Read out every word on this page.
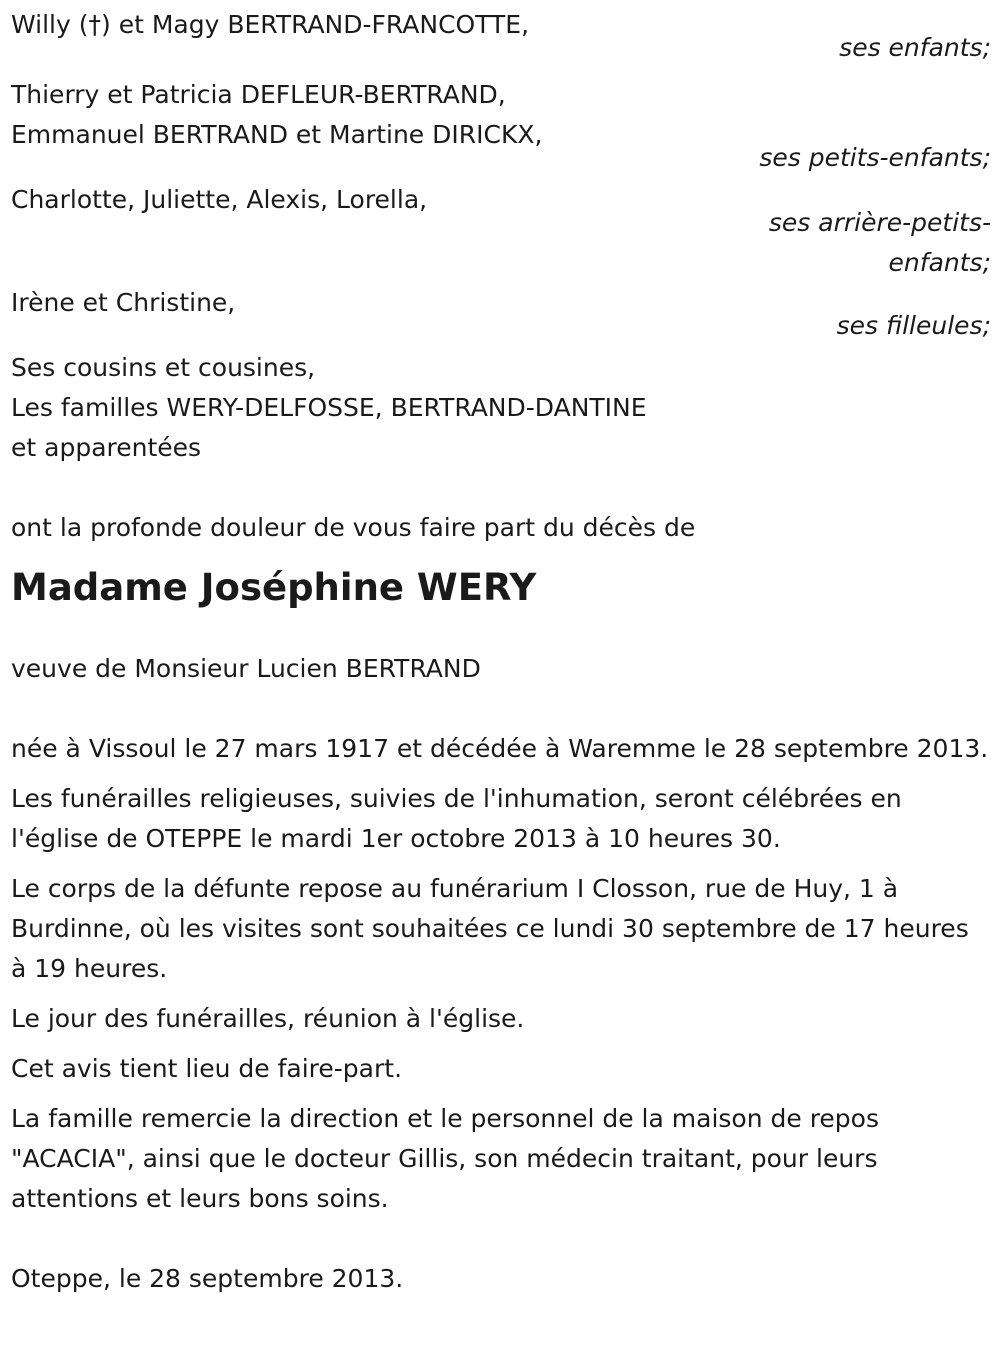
Willy (†) et Magy BERTRAND-FRANCOTTE,
ses enfants;
Thierry et Patricia DEFLEUR-BERTRAND,
Emmanuel BERTRAND et Martine DIRICKX,
ses petits-enfants;
Charlotte, Juliette, Alexis, Lorella,
ses arrière-petits-enfants;
Irène et Christine,
ses filleules;
Ses cousins et cousines,
Les familles WERY-DELFOSSE, BERTRAND-DANTINE
et apparentées
ont la profonde douleur de vous faire part du décès de
Madame Joséphine WERY
veuve de Monsieur Lucien BERTRAND
née à Vissoul le 27 mars 1917 et décédée à Waremme le 28 septembre 2013.
Les funérailles religieuses, suivies de l'inhumation, seront célébrées en l'église de OTEPPE le mardi 1er octobre 2013 à 10 heures 30.
Le corps de la défunte repose au funérarium I Closson, rue de Huy, 1 à Burdinne, où les visites sont souhaitées ce lundi 30 septembre de 17 heures à 19 heures.
Le jour des funérailles, réunion à l'église.
Cet avis tient lieu de faire-part.
La famille remercie la direction et le personnel de la maison de repos "ACACIA", ainsi que le docteur Gillis, son médecin traitant, pour leurs attentions et leurs bons soins.
Oteppe, le 28 septembre 2013.
